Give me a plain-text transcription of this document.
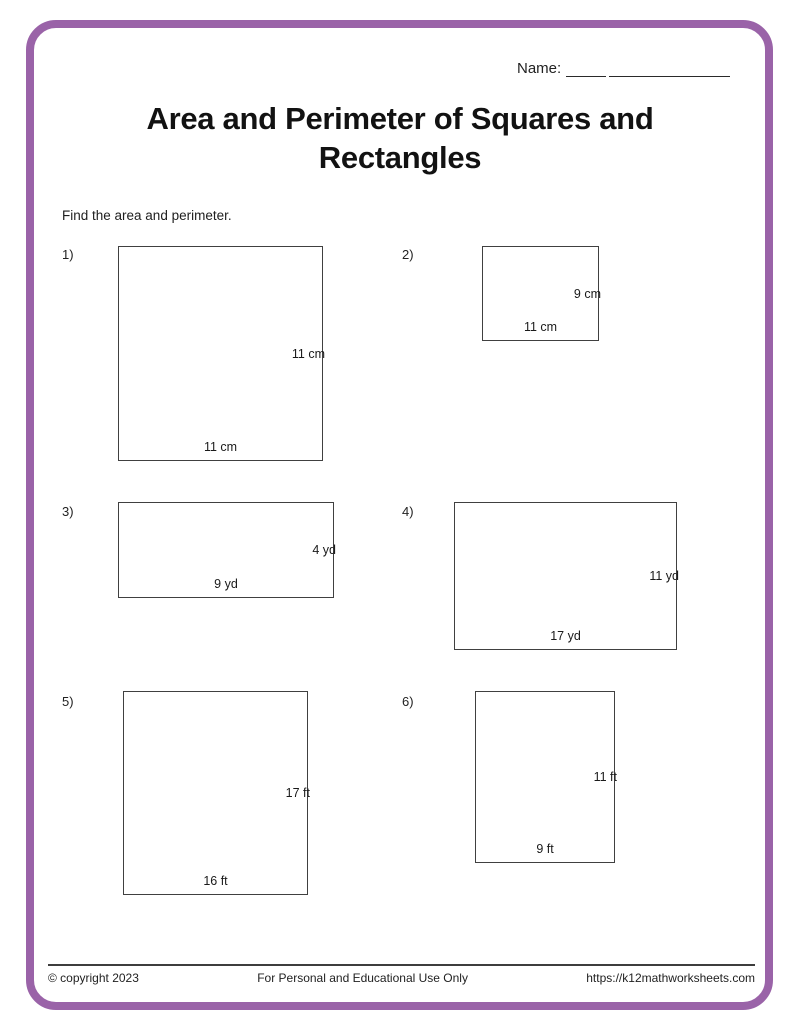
Name:
Area and Perimeter of Squares and
Rectangles
Find the area and perimeter.
1)
11 cm
11 cm
2)
9 cm
11 cm
3)
4 yd
9 yd
4)
11 yd
17 yd
5)
17 ft
16 ft
6)
11 ft
9 ft
© copyright 2023	For Personal and Educational Use Only	https://k12mathworksheets.com
